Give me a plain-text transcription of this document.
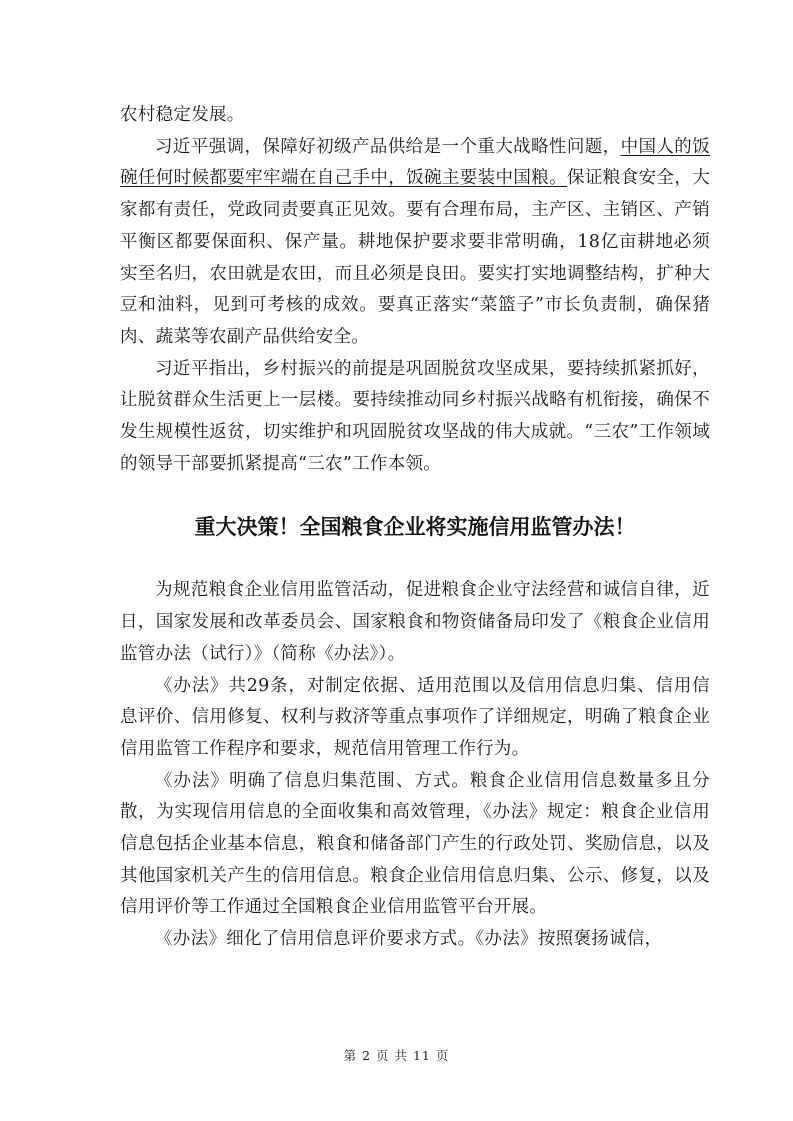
农村稳定发展。

习近平强调，保障好初级产品供给是一个重大战略性问题，中国人的饭碗任何时候都要牢牢端在自己手中，饭碗主要装中国粮。保证粮食安全，大家都有责任，党政同责要真正见效。要有合理布局，主产区、主销区、产销平衡区都要保面积、保产量。耕地保护要求要非常明确，18亿亩耕地必须实至名归，农田就是农田，而且必须是良田。要实打实地调整结构，扩种大豆和油料，见到可考核的成效。要真正落实“菜篮子”市长负责制，确保猪肉、蔬菜等农副产品供给安全。

习近平指出，乡村振兴的前提是巩固脱贫攻坚成果，要持续抓紧抓好，让脱贫群众生活更上一层楼。要持续推动同乡村振兴战略有机衔接，确保不发生规模性返贫，切实维护和巩固脱贫攻坚战的伟大成就。“三农”工作领域的领导干部要抓紧提高“三农”工作本领。

重大决策！全国粮食企业将实施信用监管办法！

为规范粮食企业信用监管活动，促进粮食企业守法经营和诚信自律，近日，国家发展和改革委员会、国家粮食和物资储备局印发了《粮食企业信用监管办法（试行）》（简称《办法》）。

《办法》共29条，对制定依据、适用范围以及信用信息归集、信用信息评价、信用修复、权利与救济等重点事项作了详细规定，明确了粮食企业信用监管工作程序和要求，规范信用管理工作行为。

《办法》明确了信息归集范围、方式。粮食企业信用信息数量多且分散，为实现信用信息的全面收集和高效管理，《办法》规定：粮食企业信用信息包括企业基本信息，粮食和储备部门产生的行政处罚、奖励信息，以及其他国家机关产生的信用信息。粮食企业信用信息归集、公示、修复，以及信用评价等工作通过全国粮食企业信用监管平台开展。

《办法》细化了信用信息评价要求方式。《办法》按照褒扬诚信，

第 2 页 共 11 页
